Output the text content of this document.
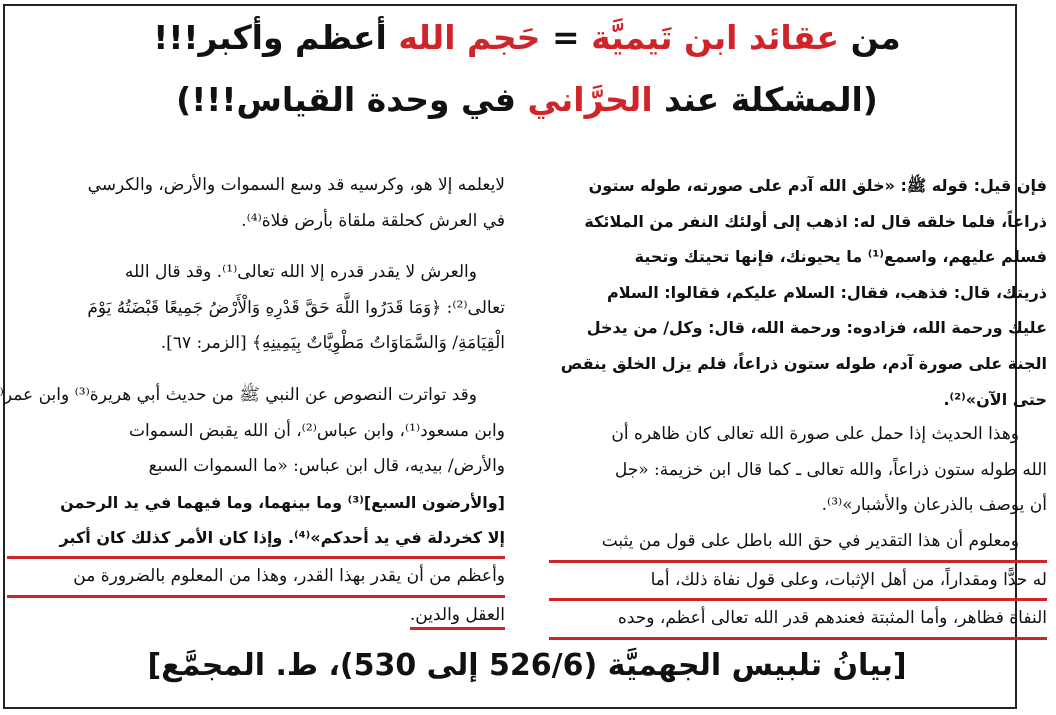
من عقائد ابن تَيميَّة = حَجم الله أعظم وأكبر!!!
(المشكلة عند الحرَّاني في وحدة القياس!!!)
فإن قيل: قوله ﷺ: «خلق الله آدم على صورته، طوله ستون
ذراعاً، فلما خلقه قال له: اذهب إلى أولئك النفر من الملائكة
فسلم عليهم، واسمع⁽¹⁾ ما يحيونك، فإنها تحيتك وتحية
ذريتك، قال: فذهب، فقال: السلام عليكم، فقالوا: السلام
عليك ورحمة الله، فزادوه: ورحمة الله، قال: وكل/ من يدخل
الجنة على صورة آدم، طوله ستون ذراعاً، فلم يزل الخلق ينقص
حتى الآن»⁽²⁾.
وهذا الحديث إذا حمل على صورة الله تعالى كان ظاهره أن
الله طوله ستون ذراعاً، والله تعالى ـ كما قال ابن خزيمة: «جل
أن يوصف بالذرعان والأشبار»⁽³⁾.
ومعلوم أن هذا التقدير في حق الله باطل على قول من يثبت
له حدًّا ومقداراً، من أهل الإثبات، وعلى قول نفاة ذلك، أما
النفاة فظاهر، وأما المثبتة فعندهم قدر الله تعالى أعظم، وحده
لايعلمه إلا هو، وكرسيه قد وسع السموات والأرض، والكرسي
في العرش كحلقة ملقاة بأرض فلاة⁽⁴⁾.
والعرش لا يقدر قدره إلا الله تعالى⁽¹⁾. وقد قال الله
تعالى⁽²⁾: ﴿وَمَا قَدَرُوا اللَّهَ حَقَّ قَدْرِهِ وَالْأَرْضُ جَمِيعًا قَبْضَتُهُ يَوْمَ
الْقِيَامَةِ/ وَالسَّمَاوَاتُ مَطْوِيَّاتٌ بِيَمِينِهِ﴾ [الزمر: ٦٧].
وقد تواترت النصوص عن النبي ﷺ من حديث أبي هريرة⁽³⁾ وابن عمر⁽
وابن مسعود⁽¹⁾، وابن عباس⁽²⁾، أن الله يقبض السموات
والأرض/ بيديه، قال ابن عباس: «ما السموات السبع
[والأرضون السبع]⁽³⁾ وما بينهما، وما فيهما في يد الرحمن
إلا كخردلة في يد أحدكم»⁽⁴⁾. وإذا كان الأمر كذلك كان أكبر
وأعظم من أن يقدر بهذا القدر، وهذا من المعلوم بالضرورة من
العقل والدين.
[بيانُ تلبيس الجهميَّة (526/6 إلى 530)، ط. المجمَّع]
